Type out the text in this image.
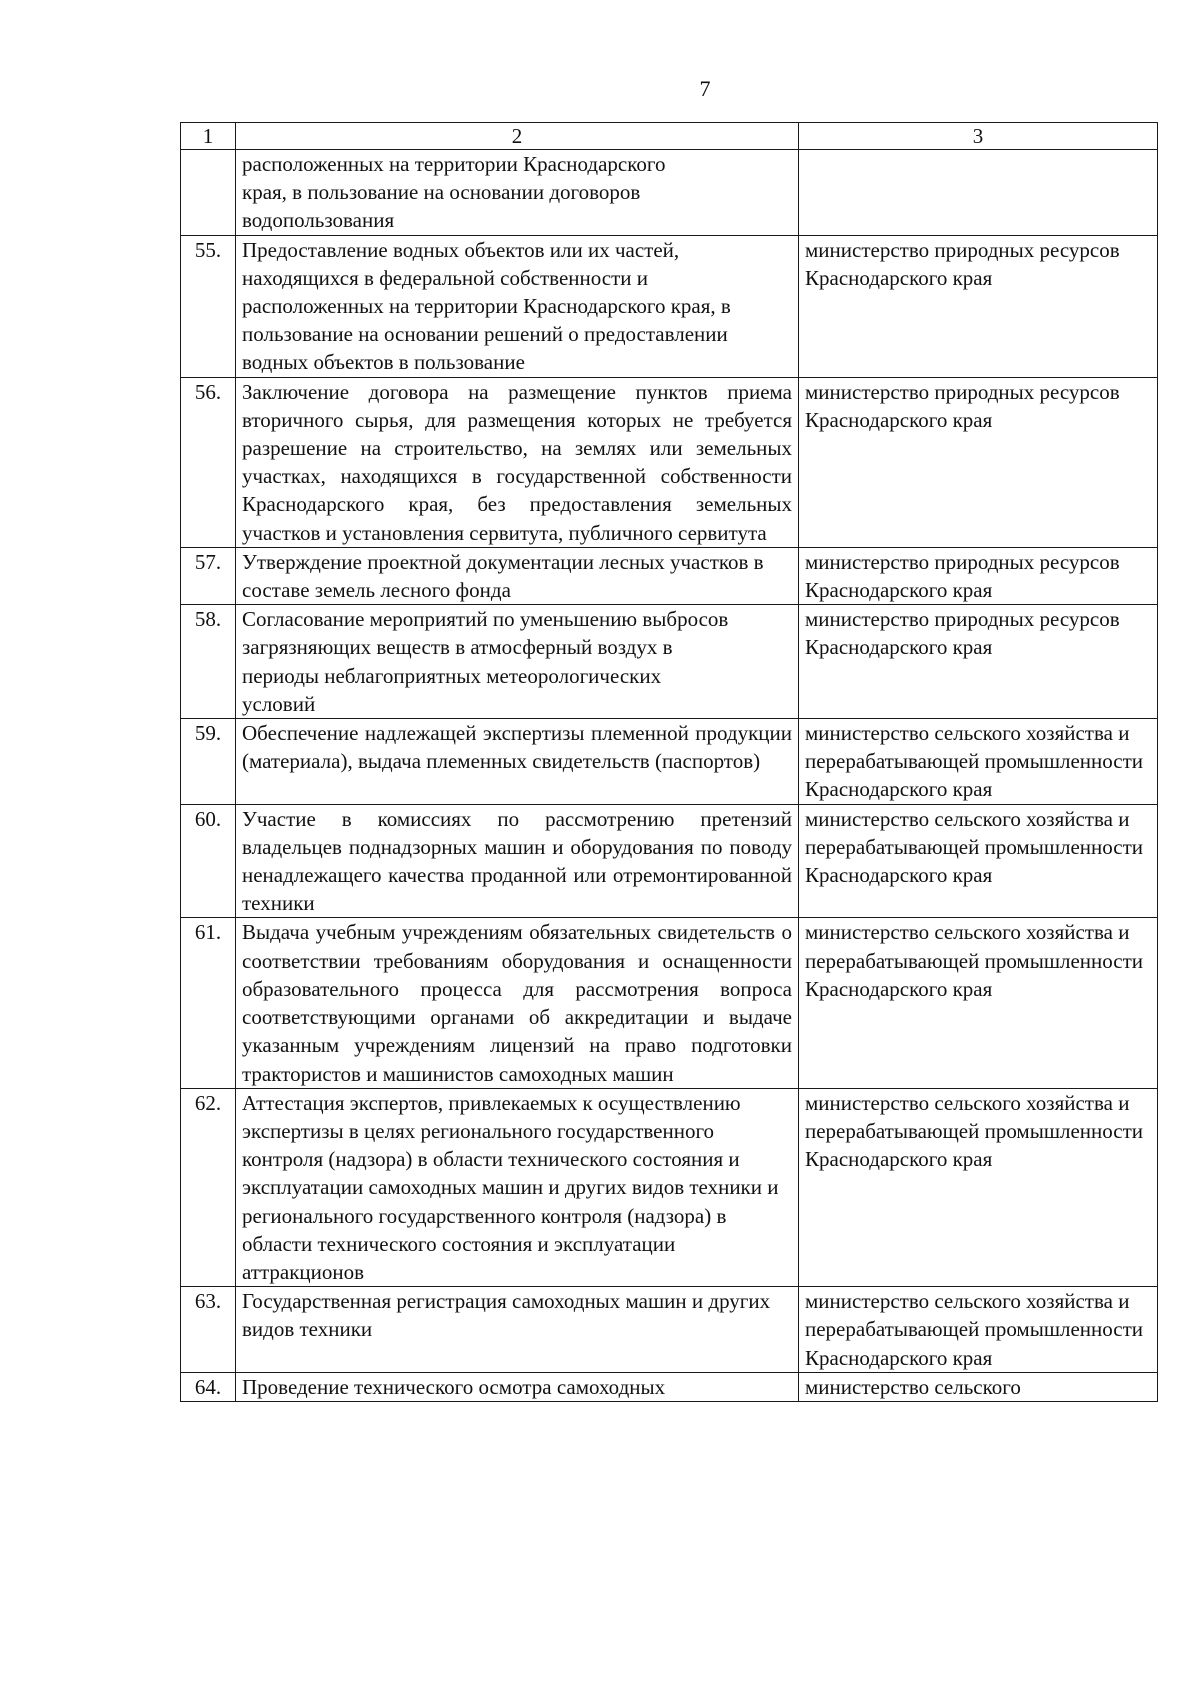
7
1	2	3
	расположенных на территории Краснодарского края, в пользование на основании договоров водопользования	
55.	Предоставление водных объектов или их частей, находящихся в федеральной собственности и расположенных на территории Краснодарского края, в пользование на основании решений о предоставлении водных объектов в пользование	министерство природных ресурсов Краснодарского края
56.	Заключение договора на размещение пунктов приема вторичного сырья, для размещения которых не требуется разрешение на строительство, на землях или земельных участках, находящихся в государственной собственности Краснодарского края, без предоставления земельных участков и установления сервитута, публичного сервитута	министерство природных ресурсов Краснодарского края
57.	Утверждение проектной документации лесных участков в составе земель лесного фонда	министерство природных ресурсов Краснодарского края
58.	Согласование мероприятий по уменьшению выбросов загрязняющих веществ в атмосферный воздух в периоды неблагоприятных метеорологических условий	министерство природных ресурсов Краснодарского края
59.	Обеспечение надлежащей экспертизы племенной продукции (материала), выдача племенных свидетельств (паспортов)	министерство сельского хозяйства и перерабатывающей промышленности Краснодарского края
60.	Участие в комиссиях по рассмотрению претензий владельцев поднадзорных машин и оборудования по поводу ненадлежащего качества проданной или отремонтированной техники	министерство сельского хозяйства и перерабатывающей промышленности Краснодарского края
61.	Выдача учебным учреждениям обязательных свидетельств о соответствии требованиям оборудования и оснащенности образовательного процесса для рассмотрения вопроса соответствующими органами об аккредитации и выдаче указанным учреждениям лицензий на право подготовки трактористов и машинистов самоходных машин	министерство сельского хозяйства и перерабатывающей промышленности Краснодарского края
62.	Аттестация экспертов, привлекаемых к осуществлению экспертизы в целях регионального государственного контроля (надзора) в области технического состояния и эксплуатации самоходных машин и других видов техники и регионального государственного контроля (надзора) в области технического состояния и эксплуатации аттракционов	министерство сельского хозяйства и перерабатывающей промышленности Краснодарского края
63.	Государственная регистрация самоходных машин и других видов техники	министерство сельского хозяйства и перерабатывающей промышленности Краснодарского края
64.	Проведение технического осмотра самоходных	министерство сельского
